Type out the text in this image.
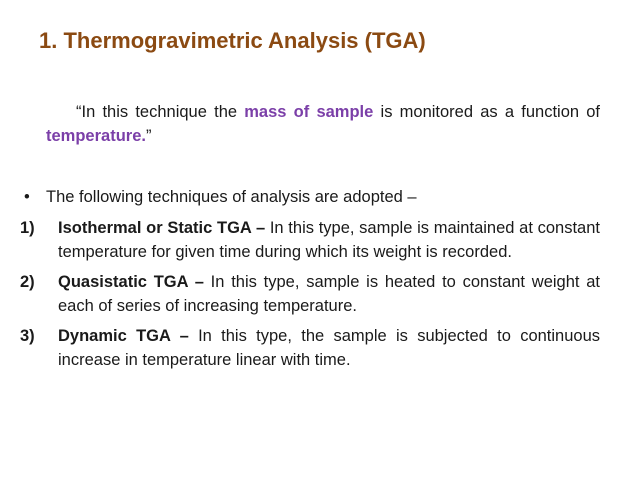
1. Thermogravimetric Analysis (TGA)

“In this technique the mass of sample is monitored as a function of temperature.”

• The following techniques of analysis are adopted –
1)	Isothermal or Static TGA – In this type, sample is maintained at constant temperature for given time during which its weight is recorded.
2)	Quasistatic TGA – In this type, sample is heated to constant weight at each of series of increasing temperature.
3)	Dynamic TGA – In this type, the sample is subjected to continuous increase in temperature linear with time.
